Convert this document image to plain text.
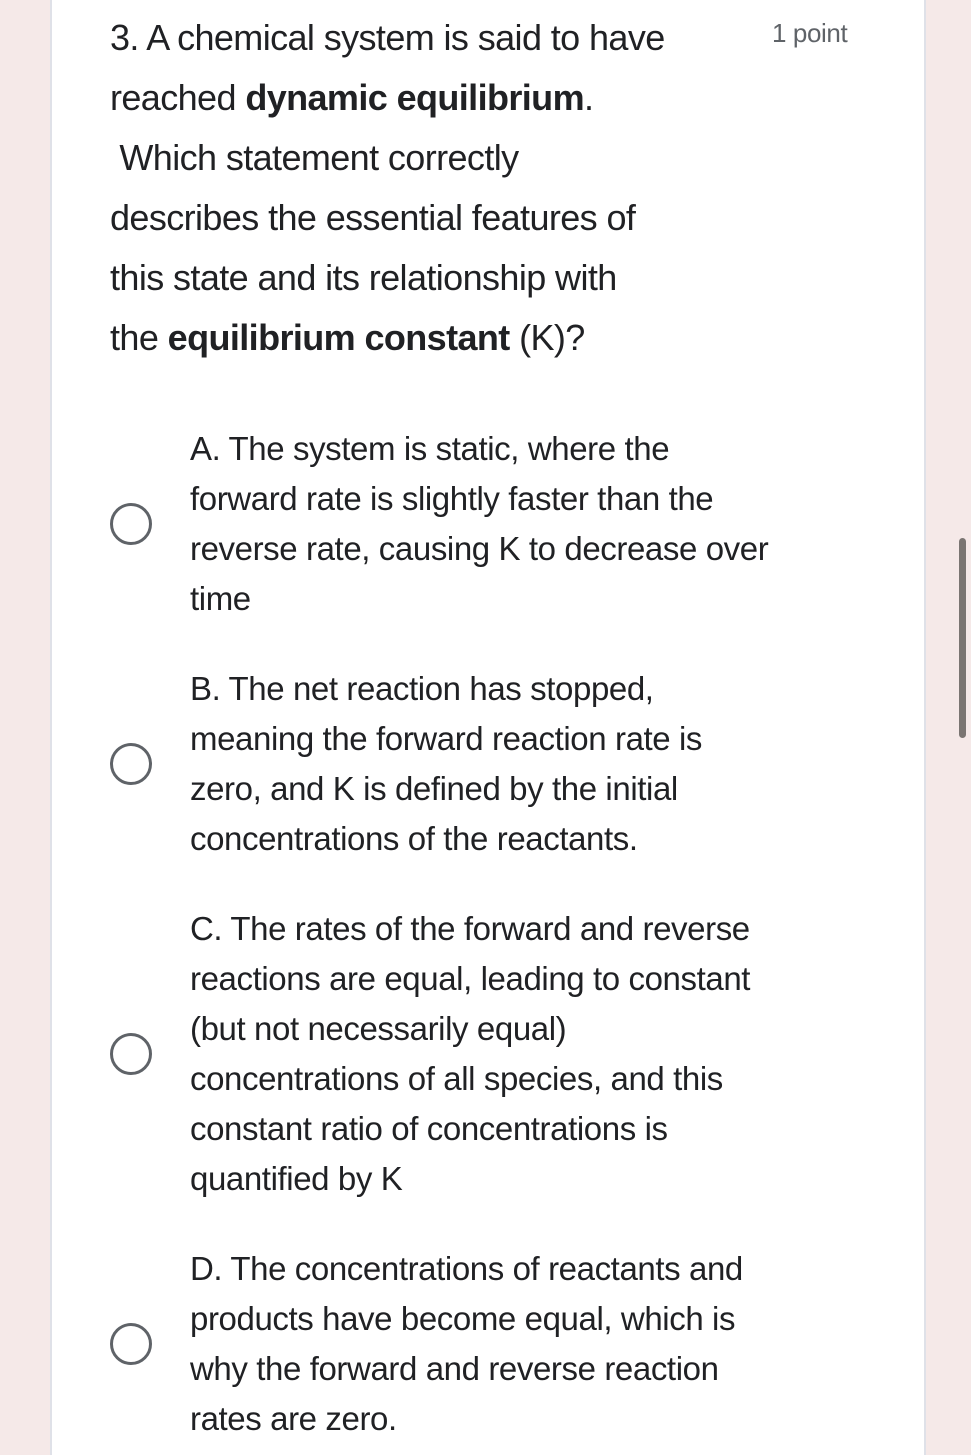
3. A chemical system is said to have
reached dynamic equilibrium.
Which statement correctly
describes the essential features of
this state and its relationship with
the equilibrium constant (K)?
1 point
A. The system is static, where the
forward rate is slightly faster than the
reverse rate, causing K to decrease over
time
B. The net reaction has stopped,
meaning the forward reaction rate is
zero, and K is defined by the initial
concentrations of the reactants.
C. The rates of the forward and reverse
reactions are equal, leading to constant
(but not necessarily equal)
concentrations of all species, and this
constant ratio of concentrations is
quantified by K
D. The concentrations of reactants and
products have become equal, which is
why the forward and reverse reaction
rates are zero.
